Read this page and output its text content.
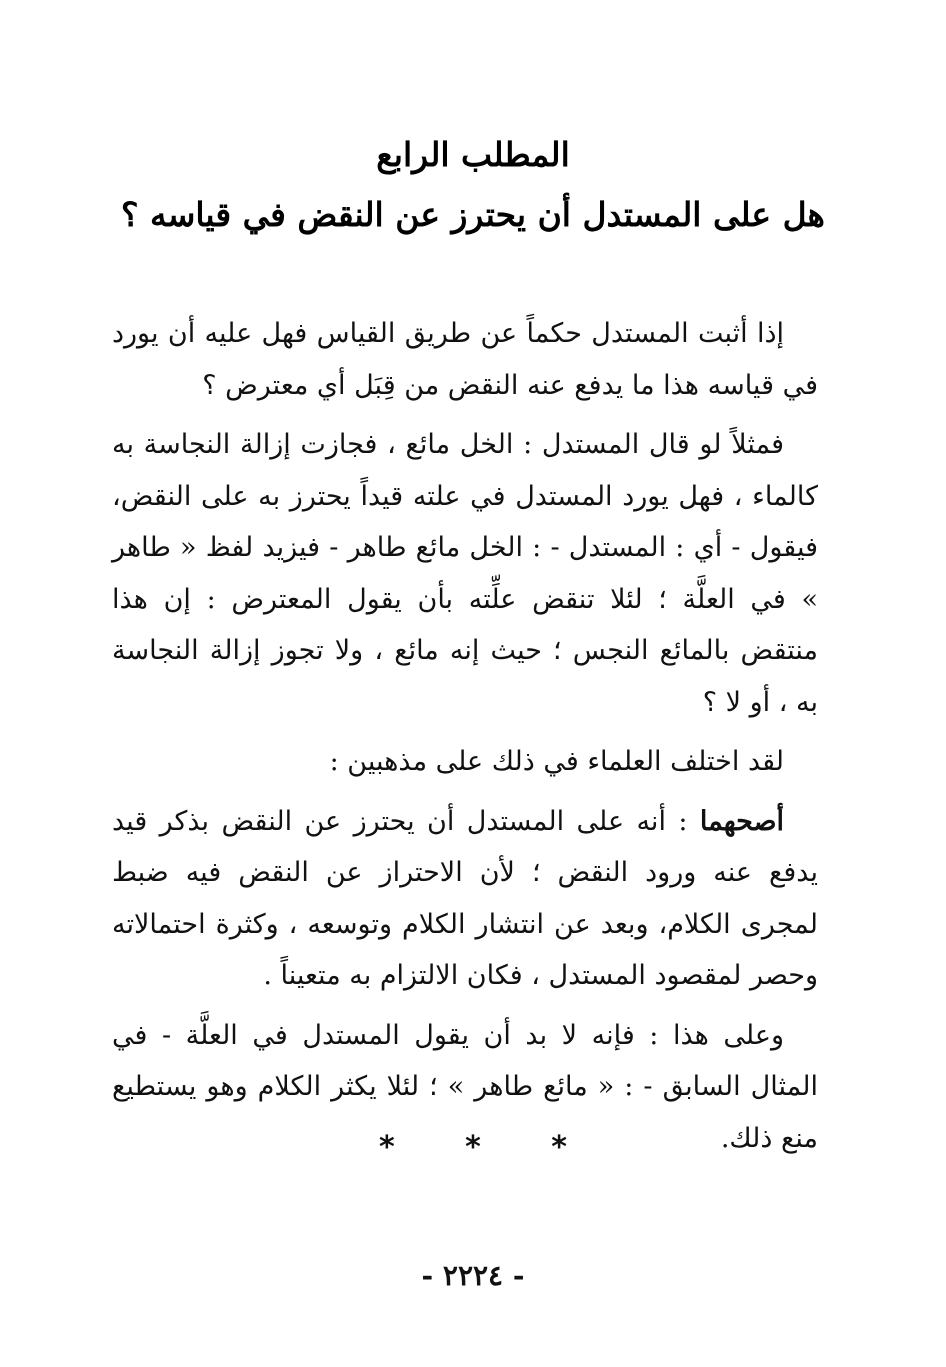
المطلب الرابع
هل على المستدل أن يحترز عن النقض في قياسه ؟

إذا أثبت المستدل حكماً عن طريق القياس فهل عليه أن يورد في قياسه هذا ما يدفع عنه النقض من قِبَل أي معترض ؟

فمثلاً لو قال المستدل : الخل مائع ، فجازت إزالة النجاسة به كالماء ، فهل يورد المستدل في علته قيداً يحترز به على النقض، فيقول - أي : المستدل - : الخل مائع طاهر - فيزيد لفظ « طاهر » في العلَّة ؛ لئلا تنقض علِّته بأن يقول المعترض : إن هذا منتقض بالمائع النجس ؛ حيث إنه مائع ، ولا تجوز إزالة النجاسة به ، أو لا ؟

لقد اختلف العلماء في ذلك على مذهبين :

أصحهما : أنه على المستدل أن يحترز عن النقض بذكر قيد يدفع عنه ورود النقض ؛ لأن الاحتراز عن النقض فيه ضبط لمجرى الكلام، وبعد عن انتشار الكلام وتوسعه ، وكثرة احتمالاته وحصر لمقصود المستدل ، فكان الالتزام به متعيناً .

وعلى هذا : فإنه لا بد أن يقول المستدل في العلَّة - في المثال السابق - : « مائع طاهر » ؛ لئلا يكثر الكلام وهو يستطيع منع ذلك.

* * *
- ٢٢٢٤ -
